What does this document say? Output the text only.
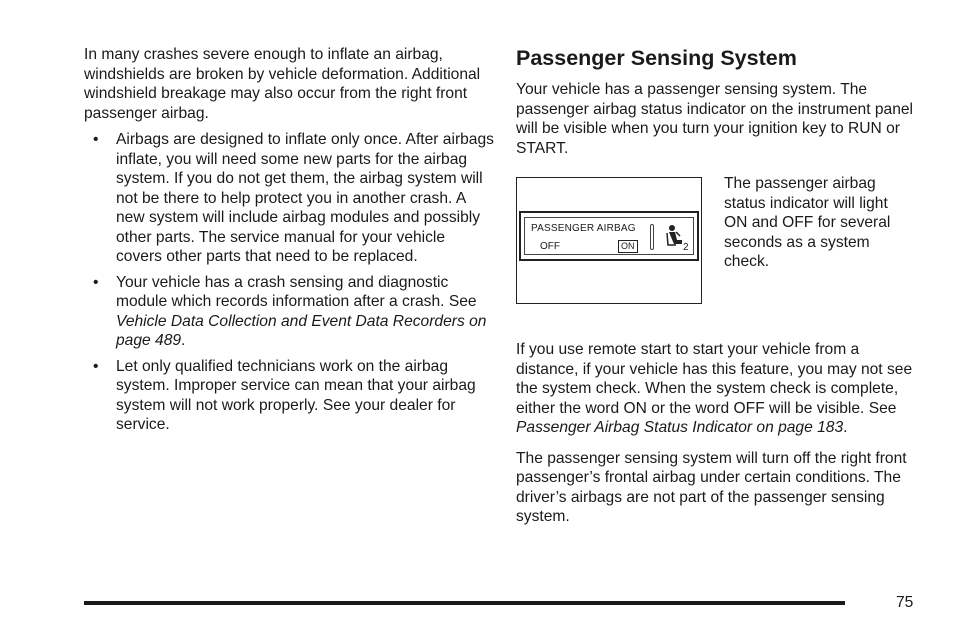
In many crashes severe enough to inflate an airbag, windshields are broken by vehicle deformation. Additional windshield breakage may also occur from the right front passenger airbag.

• Airbags are designed to inflate only once. After airbags inflate, you will need some new parts for the airbag system. If you do not get them, the airbag system will not be there to help protect you in another crash. A new system will include airbag modules and possibly other parts. The service manual for your vehicle covers other parts that need to be replaced.
• Your vehicle has a crash sensing and diagnostic module which records information after a crash. See Vehicle Data Collection and Event Data Recorders on page 489.
• Let only qualified technicians work on the airbag system. Improper service can mean that your airbag system will not work properly. See your dealer for service.
Passenger Sensing System

Your vehicle has a passenger sensing system. The passenger airbag status indicator on the instrument panel will be visible when you turn your ignition key to RUN or START.

PASSENGER AIRBAG
OFF	ON	2

The passenger airbag status indicator will light ON and OFF for several seconds as a system check.

If you use remote start to start your vehicle from a distance, if your vehicle has this feature, you may not see the system check. When the system check is complete, either the word ON or the word OFF will be visible. See Passenger Airbag Status Indicator on page 183.

The passenger sensing system will turn off the right front passenger’s frontal airbag under certain conditions. The driver’s airbags are not part of the passenger sensing system.

75
